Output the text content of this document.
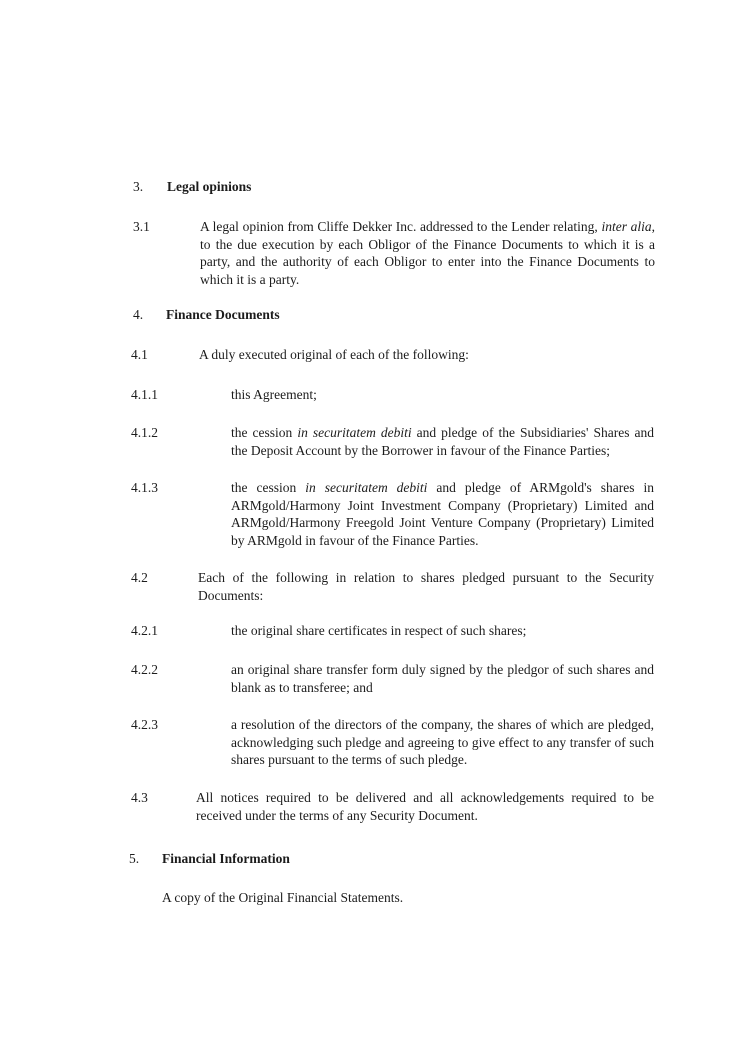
3. Legal opinions
3.1	A legal opinion from Cliffe Dekker Inc. addressed to the Lender relating, inter alia, to the due execution by each Obligor of the Finance Documents to which it is a party, and the authority of each Obligor to enter into the Finance Documents to which it is a party.
4. Finance Documents
4.1	A duly executed original of each of the following:
4.1.1	this Agreement;
4.1.2	the cession in securitatem debiti and pledge of the Subsidiaries' Shares and the Deposit Account by the Borrower in favour of the Finance Parties;
4.1.3	the cession in securitatem debiti and pledge of ARMgold's shares in ARMgold/Harmony Joint Investment Company (Proprietary) Limited and ARMgold/Harmony Freegold Joint Venture Company (Proprietary) Limited by ARMgold in favour of the Finance Parties.
4.2	Each of the following in relation to shares pledged pursuant to the Security Documents:
4.2.1	the original share certificates in respect of such shares;
4.2.2	an original share transfer form duly signed by the pledgor of such shares and blank as to transferee; and
4.2.3	a resolution of the directors of the company, the shares of which are pledged, acknowledging such pledge and agreeing to give effect to any transfer of such shares pursuant to the terms of such pledge.
4.3	All notices required to be delivered and all acknowledgements required to be received under the terms of any Security Document.
5. Financial Information
A copy of the Original Financial Statements.
